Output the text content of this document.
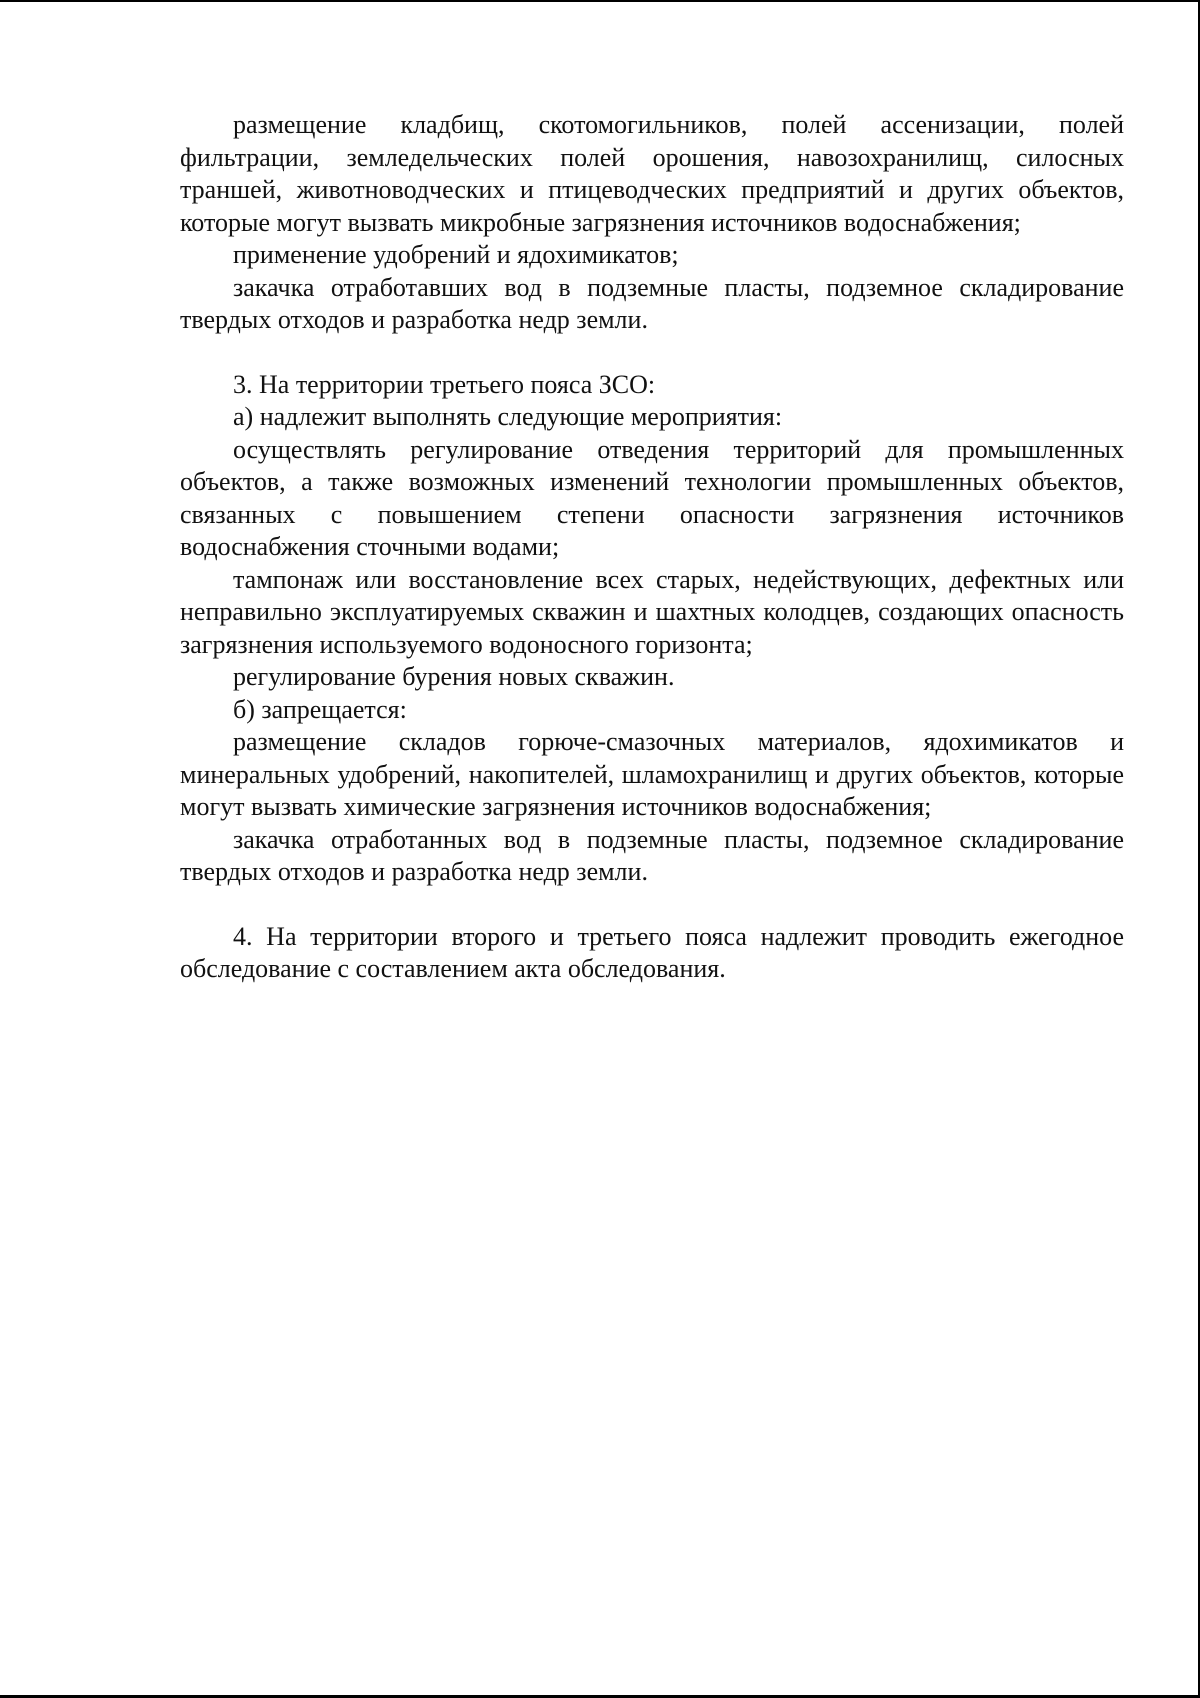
размещение кладбищ, скотомогильников, полей ассенизации, полей фильтрации, земледельческих полей орошения, навозохранилищ, силосных траншей, животноводческих и птицеводческих предприятий и других объектов, которые могут вызвать микробные загрязнения источников водоснабжения;

применение удобрений и ядохимикатов;

закачка отработавших вод в подземные пласты, подземное складирование твердых отходов и разработка недр земли.

3. На территории третьего пояса ЗСО:

а) надлежит выполнять следующие мероприятия:

осуществлять регулирование отведения территорий для промышленных объектов, а также возможных изменений технологии промышленных объектов, связанных с повышением степени опасности загрязнения источников водоснабжения сточными водами;

тампонаж или восстановление всех старых, недействующих, дефектных или неправильно эксплуатируемых скважин и шахтных колодцев, создающих опасность загрязнения используемого водоносного горизонта;

регулирование бурения новых скважин.

б) запрещается:

размещение складов горюче-смазочных материалов, ядохимикатов и минеральных удобрений, накопителей, шламохранилищ и других объектов, которые могут вызвать химические загрязнения источников водоснабжения;

закачка отработанных вод в подземные пласты, подземное складирование твердых отходов и разработка недр земли.

4. На территории второго и третьего пояса надлежит проводить ежегодное обследование с составлением акта обследования.
